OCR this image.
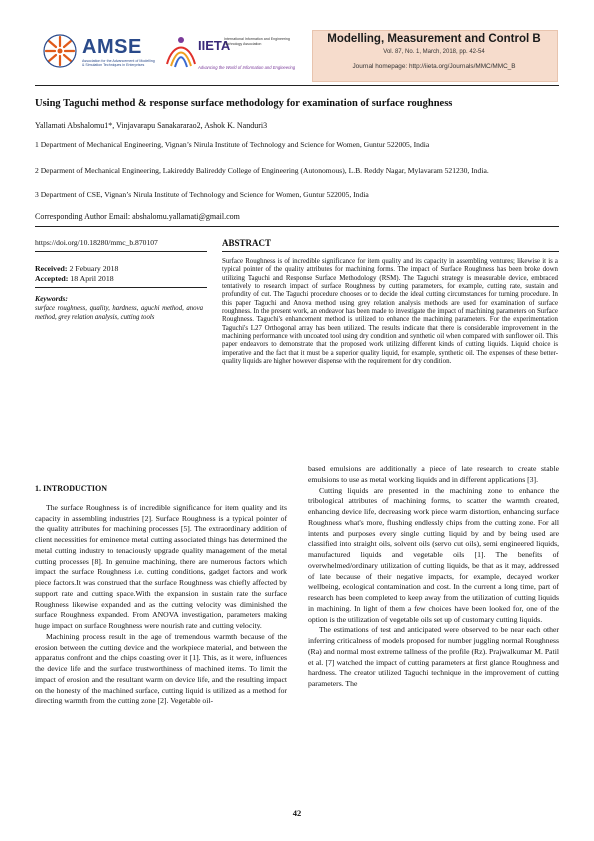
AMSE
Association for the Advancement of Modelling & Simulation Techniques in Enterprises
IIETA
International Information and Engineering Technology Association
Advancing the World of Information and Engineering
Modelling, Measurement and Control B
Vol. 87, No. 1, March, 2018, pp. 42-54
Journal homepage: http://iieta.org/Journals/MMC/MMC_B
Using Taguchi method & response surface methodology for examination of surface roughness
Yallamati Abshalomu1*, Vinjavarapu Sanakararao2, Ashok K. Nanduri3
1 Department of Mechanical Engineering, Vignan’s Nirula Institute of Technology and Science for Women, Guntur 522005, India
2 Deparment of Mechanical Engineering, Lakireddy Balireddy College of Engineering (Autonomous), L.B. Reddy Nagar, Mylavaram 521230, India.
3 Department of CSE, Vignan’s Nirula Institute of Technology and Science for Women, Guntur 522005, India
Corresponding Author Email: abshalomu.yallamati@gmail.com
https://doi.org/10.18280/mmc_b.870107
Received: 2 Febuary 2018
Accepted: 18 April 2018
Keywords:
surface roughness, quality, hardness, aguchi method, anova method, grey relation analysis, cutting tools
ABSTRACT
Surface Roughness is of incredible significance for item quality and its capacity in assembling ventures; likewise it is a typical pointer of the quality attributes for machining forms. The impact of Surface Roughness has been broke down utilizing Taguchi and Response Surface Methodology (RSM). The Taguchi strategy is measurable device, embraced tentatively to research impact of surface Roughness by cutting parameters, for example, cutting rate, sustain and profundity of cut. The Taguchi procedure chooses or to decide the ideal cutting circumstances for turning procedure. In this paper Taguchi and Anova method using grey relation analysis methods are used for examination of surface roughness. In the present work, an endeavor has been made to investigate the impact of machining parameters on Surface Roughness. Taguchi's enhancement method is utilized to enhance the machining parameters. For the experimentation Taguchi's L27 Orthogonal array has been utilized. The results indicate that there is considerable improvement in the machining performance with uncoated tool using dry condition and synthetic oil when compared with sunflower oil. This paper endeavors to demonstrate that the proposed work utilizing different kinds of cutting liquids. Liquid choice is imperative and the fact that it must be a superior quality liquid, for example, synthetic oil. The expenses of these better-quality liquids are higher however dispense with the requirement for dry condition.
1. INTRODUCTION

The surface Roughness is of incredible significance for item quality and its capacity in assembling industries [2]. Surface Roughness is a typical pointer of the quality attributes for machining processes [5]. The extraordinary addition of client necessities for eminence metal cutting associated things has determined the metal cutting industry to tenaciously upgrade quality management of the metal cutting processes [8]. In genuine machining, there are numerous factors which impact the surface Roughness i.e. cutting conditions, gadget factors and work piece factors.It was construed that the surface Roughness was chiefly affected by support rate and cutting space.With the expansion in sustain rate the surface Roughness likewise expanded and as the cutting velocity was diminished the surface Roughness expanded. From ANOVA investigation, parameters making huge impact on surface Roughness were nourish rate and cutting velocity.

Machining process result in the age of tremendous warmth because of the erosion between the cutting device and the workpiece material, and between the apparatus confront and the chips coasting over it [1]. This, as it were, influences the device life and the surface trustworthiness of machined items. To limit the impact of erosion and the resultant warm on device life, and the resulting impact on the honesty of the machined surface, cutting liquid is utilized as a method for directing warmth from the cutting zone [2]. Vegetable oil-

based emulsions are additionally a piece of late research to create stable emulsions to use as metal working liquids and in different applications [3].

Cutting liquids are presented in the machining zone to enhance the tribological attributes of machining forms, to scatter the warmth created, enhancing device life, decreasing work piece warm distortion, enhancing surface Roughness what's more, flushing endlessly chips from the cutting zone. For all intents and purposes every single cutting liquid by and by being used are classified into straight oils, solvent oils (servo cut oils), semi engineered liquids, manufactured liquids and vegetable oils [1]. The benefits of overwhelmed/ordinary utilization of cutting liquids, be that as it may, addressed of late because of their negative impacts, for example, decayed worker wellbeing, ecological contamination and cost. In the current a long time, part of research has been completed to keep away from the utilization of cutting liquids in machining. In light of them a few choices have been looked for, one of the option is the utilization of vegetable oils set up of customary cutting liquids.

The estimations of test and anticipated were observed to be near each other inferring criticalness of models proposed for number juggling normal Roughness (Ra) and normal most extreme tallness of the profile (Rz). Prajwalkumar M. Patil et al. [7] watched the impact of cutting parameters at first glance Roughness and hardness. The creator utilized Taguchi technique in the improvement of cutting parameters. The

42
